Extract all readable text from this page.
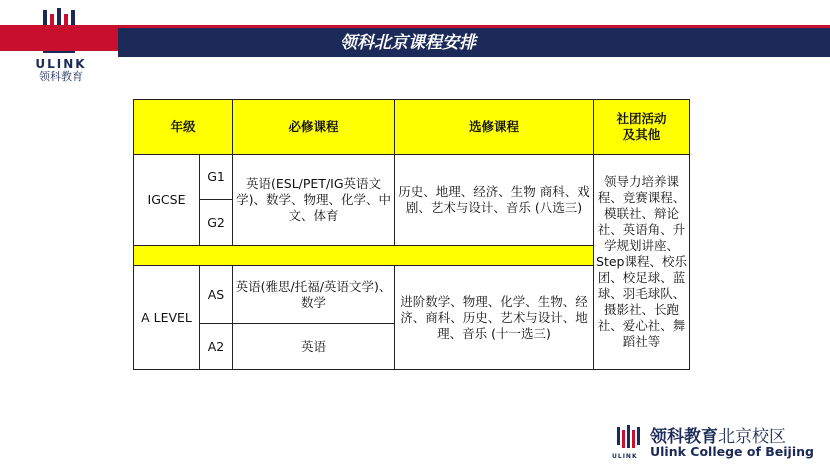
ULINK
领科教育
领科北京课程安排
年级		必修课程	选修课程	社团活动
及其他
IGCSE	G1	英语(ESL/PET/IG英语文学)、数学、物理、化学、中文、体育	历史、地理、经济、生物 商科、戏剧、艺术与设计、音乐 (八选三)	领导力培养课程、竞赛课程、模联社、辩论社、英语角、升学规划讲座、Step课程、校乐团、校足球、蓝球、羽毛球队、摄影社、长跑社、爱心社、舞蹈社等
	G2			

A LEVEL	AS	英语(雅思/托福/英语文学)、数学	进阶数学、物理、化学、生物、经济、商科、历史、艺术与设计、地理、音乐 (十一选三)	
	A2	英语		
ULINK
领科教育北京校区
Ulink College of Beijing
